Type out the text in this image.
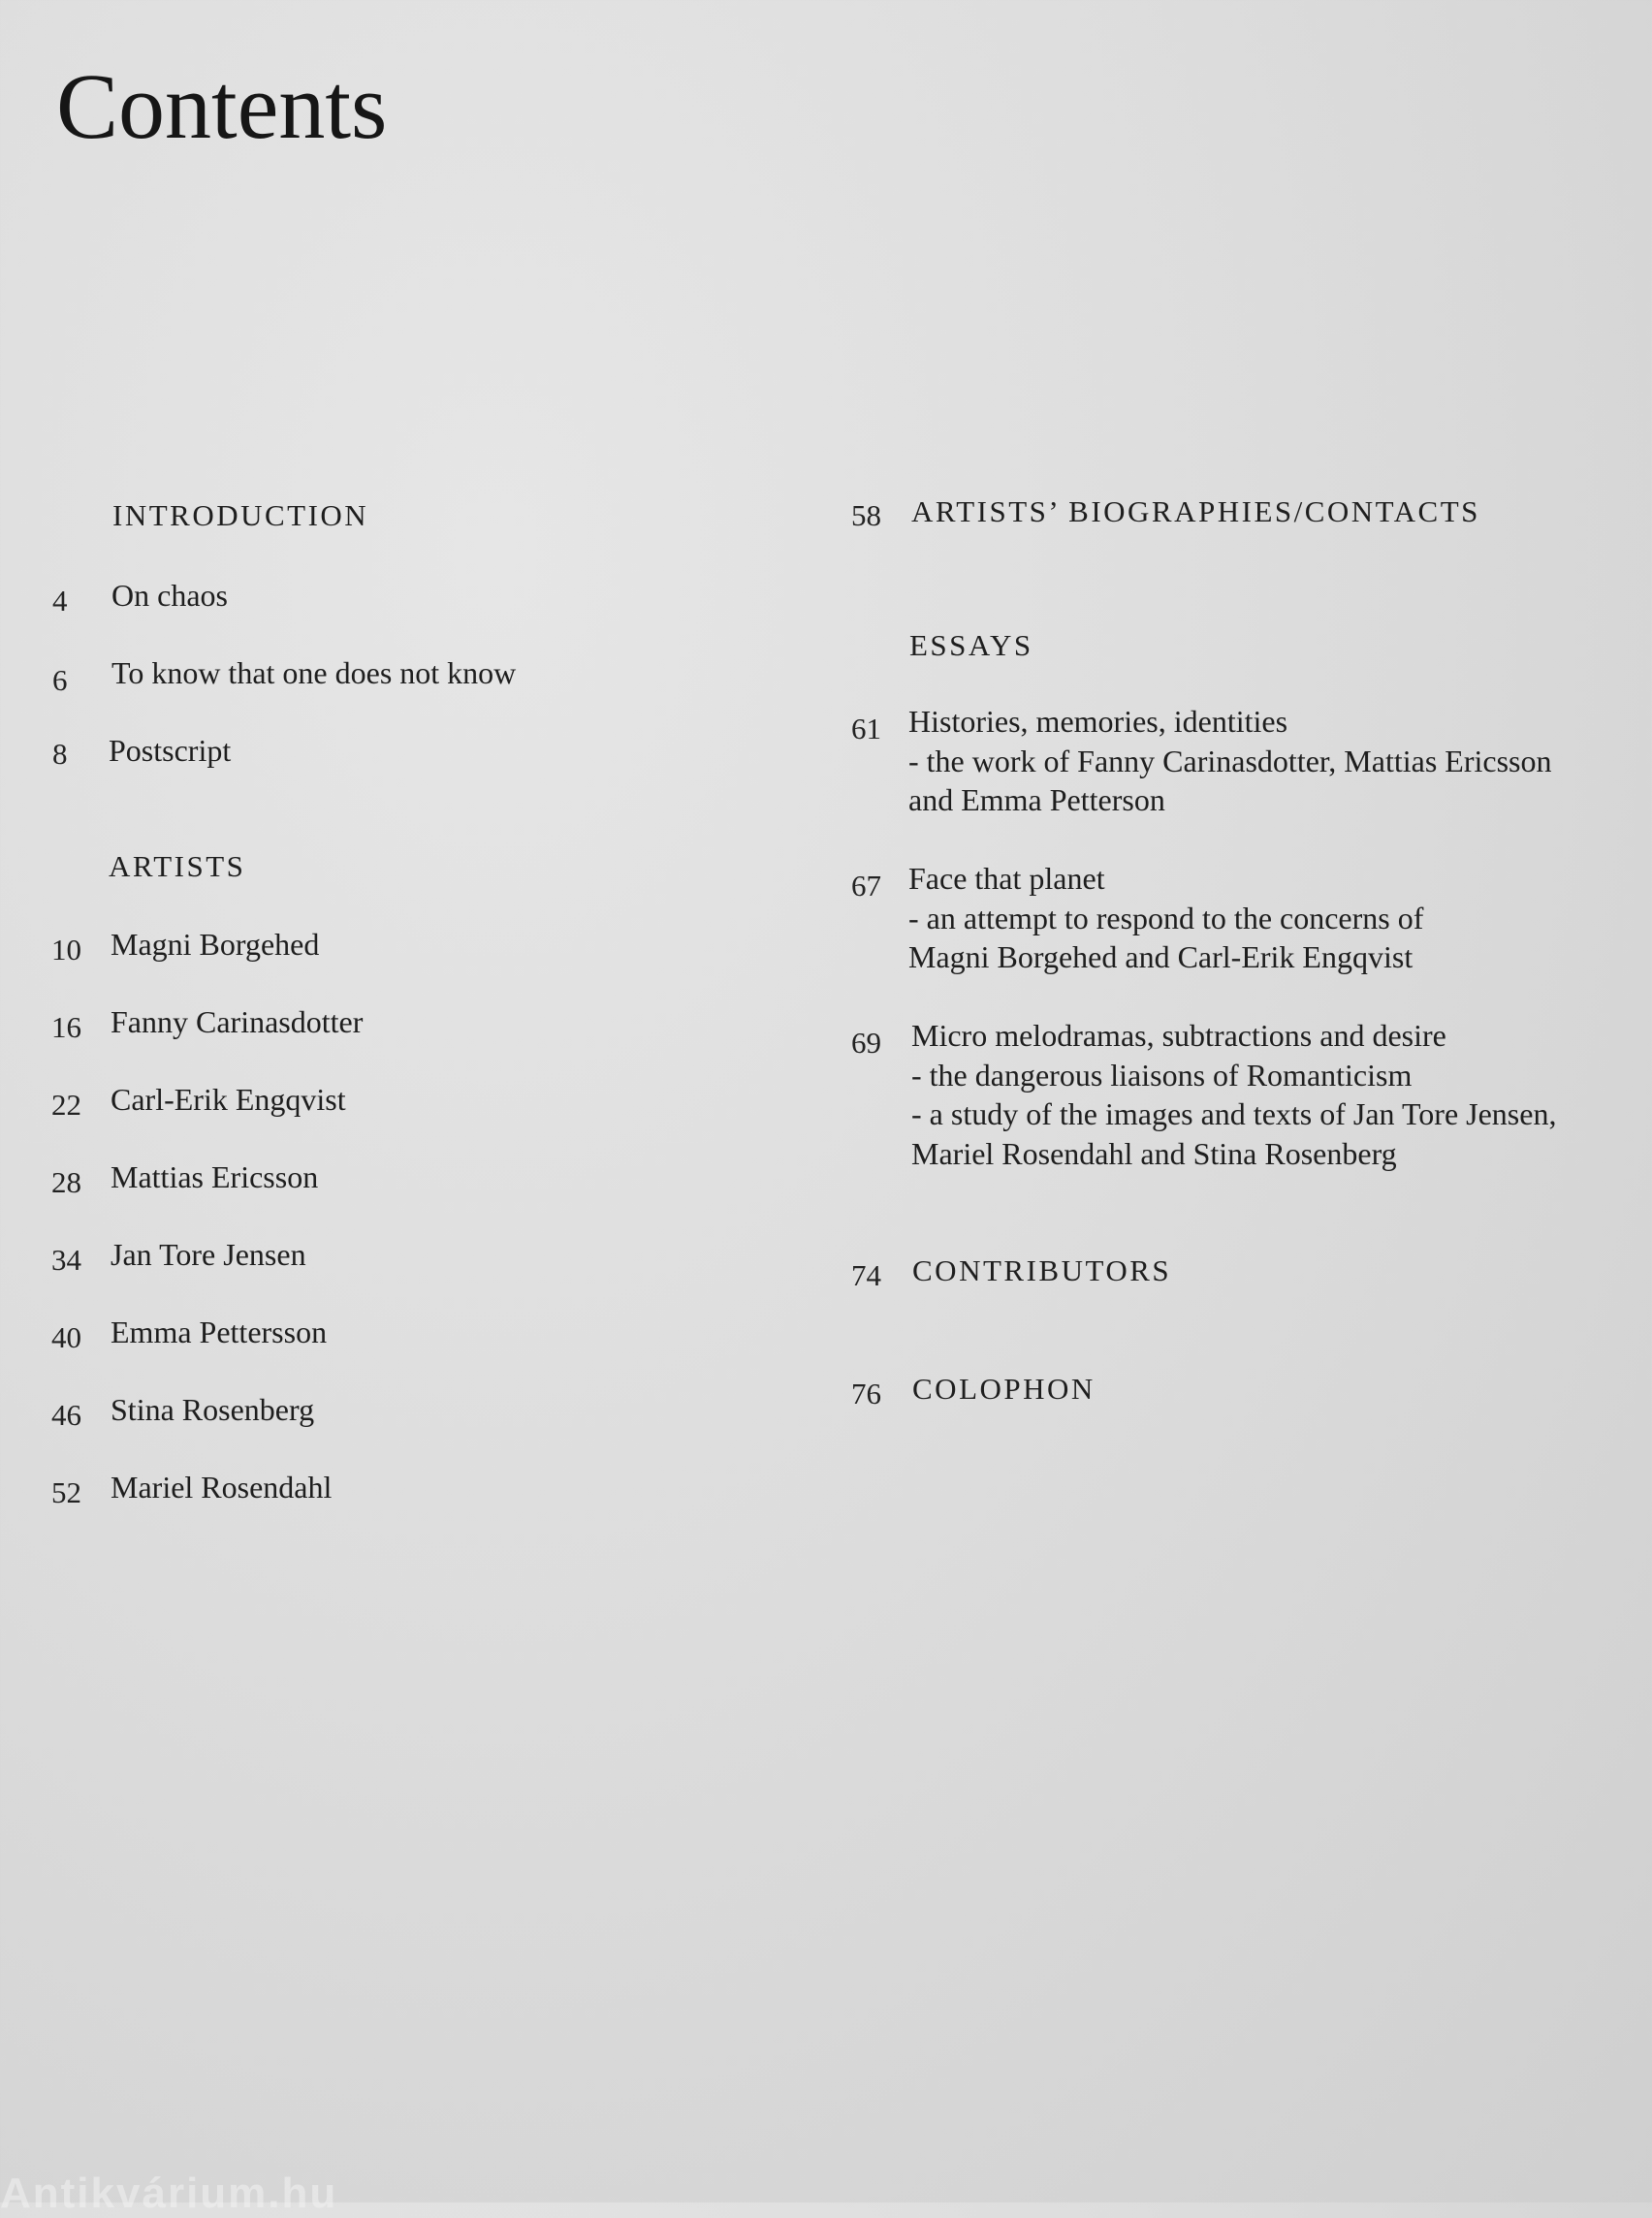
Contents
INTRODUCTION
4 On chaos
6 To know that one does not know
8 Postscript
ARTISTS
10 Magni Borgehed
16 Fanny Carinasdotter
22 Carl-Erik Engqvist
28 Mattias Ericsson
34 Jan Tore Jensen
40 Emma Pettersson
46 Stina Rosenberg
52 Mariel Rosendahl
58 ARTISTS’ BIOGRAPHIES/CONTACTS
ESSAYS
61 Histories, memories, identities
- the work of Fanny Carinasdotter, Mattias Ericsson
and Emma Petterson
67 Face that planet
- an attempt to respond to the concerns of
Magni Borgehed and Carl-Erik Engqvist
69 Micro melodramas, subtractions and desire
- the dangerous liaisons of Romanticism
- a study of the images and texts of Jan Tore Jensen,
Mariel Rosendahl and Stina Rosenberg
74 CONTRIBUTORS
76 COLOPHON
Antikvárium.hu
